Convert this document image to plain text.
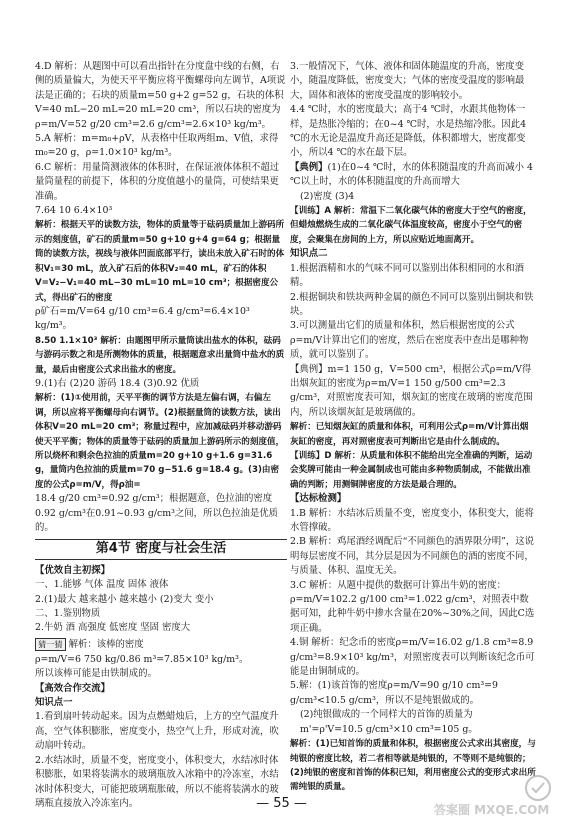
4.D 解析：从题图中可以看出指针在分度盘中线的右侧，右侧的质量偏大，为使天平平衡应将平衡螺母向左调节，A项说法是正确的；石块的质量m=50 g+2 g=52 g，石块的体积V=40 mL−20 mL=20 mL=20 cm³，所以石块的密度为

ρ=m/V=52 g/20 cm³=2.6 g/cm³=2.6×10³ kg/m³。

5.A 解析：m=m₀+ρV，从表格中任取两组m、V值，求得m₀=20 g，ρ=1.0×10³ kg/m³。

6.C 解析：用量筒测液体的体积时，在保证液体体积不超过量筒量程的前提下，体积的分度值越小的量筒，可使结果更准确。

7.64 10 6.4×10³

解析：根据天平的读数方法，物体的质量等于砝码质量加上游码所示的刻度值，矿石的质量m=50 g+10 g+4 g=64 g；根据量筒的读数方法，视线与液体凹面底部平行，读出未放入矿石时的体积V₁=30 mL，放入矿石后的体积V₂=40 mL，矿石的体积V=V₂−V₁=40 mL−30 mL=10 mL=10 cm³；根据密度公式，得出矿石的密度

ρ矿石=m/V=64 g/10 cm³=6.4 g/cm³=6.4×10³ kg/m³。

8.50 1.1×10³ 解析：由题图甲所示量筒读出盐水的体积，砝码与游码示数之和是所测物体的质量，根据题意求出量筒中盐水的质量，最后由密度公式求出盐水的密度。

9.(1)右 (2)20 游码 18.4 (3)0.92 优质

解析：(1)①使用前，天平平衡的调节方法是左偏右调，右偏左调，所以应将平衡螺母向右调节。(2)根据量筒的读数方法，读出体积V=20 mL=20 cm³；称量过程中，应加减砝码并移动游码使天平平衡；物体的质量等于砝码的质量加上游码所示的刻度值，所以烧杯和剩余色拉油的质量m=20 g+10 g+1.6 g=31.6 g，量筒内色拉油的质量m=70 g−51.6 g=18.4 g。(3)由密度的公式ρ=m/V，得ρ油=

18.4 g/20 cm³=0.92 g/cm³；根据题意，色拉油的密度0.92 g/cm³在0.91~0.93 g/cm³之间，所以色拉油是优质的。

第4节 密度与社会生活

【优效自主初探】

一、1.能够 气体 温度 固体 液体

2.(1)最大 越来越小 越来越小 (2)变大 变小

二、1.鉴别物质

2.牛奶 酒 高强度 低密度 坚固 密度大

猜一猜 解析：该棒的密度

ρ=m/V=6 750 kg/0.86 m³=7.85×10³ kg/m³。

所以该棒可能是由铁制成的。

【高效合作交流】

知识点一

1.看到扇叶转动起来。因为点燃蜡烛后，上方的空气温度升高，空气体积膨胀，密度变小，热空气上升，形成对流，吹动扇叶转动。

2.水结冰时，质量不变，密度变小，体积变大，水结冰时体积膨胀，如果将装满水的玻璃瓶放入冰箱中的冷冻室，水结冰时体积变大，可能把玻璃瓶胀破，所以不能将装满水的玻璃瓶直接放入冷冻室内。

3.一般情况下，气体、液体和固体随温度的升高，密度变小，随温度降低，密度变大；气体的密度受温度的影响最大，固体和液体的密度受温度的影响较小。

4.4 ℃时，水的密度最大；高于4 ℃时，水跟其他物体一样，是热胀冷缩的；在0~4 ℃时，水是热缩冷胀。因此4 ℃的水无论是温度升高还是降低，体积都增大，密度都变小，所以4 ℃的水在最下层。

【典例】(1)在0~4 ℃时，水的体积随温度的升高而减小 4 ℃以上时，水的体积随温度的升高而增大

(2)密度 (3)4

【训练】A 解析：常温下二氧化碳气体的密度大于空气的密度，但蜡烛燃烧生成的二氧化碳气体温度较高，密度小于空气的密度，会聚集在房间的上方，所以应贴近地面离开。

知识点二

1.根据酒精和水的气味不同可以鉴别出体积相同的水和酒精。

2.根据铜块和铁块两种金属的颜色不同可以鉴别出铜块和铁块。

3.可以测量出它们的质量和体积，然后根据密度的公式ρ=m/V计算出它们的密度，然后在密度表中查出是哪种物质，就可以鉴别了。

【典例】m=1 150 g，V=500 cm³，根据公式ρ=m/V得出烟灰缸的密度为ρ=m/V=1 150 g/500 cm³=2.3 g/cm³，对照密度表可知，烟灰缸的密度在玻璃的密度范围内，所以该烟灰缸是玻璃做的。

解析：已知烟灰缸的质量和体积，可利用公式ρ=m/V计算出烟灰缸的密度，再对照密度表可判断出它是由什么制成的。

【训练】D 解析：从质量和体积不能给出完全准确的判断，运动会奖牌可能由一种金属制成也可能由多种物质制成，不能做出准确的判断；用测铜牌密度的方法是最合理的。

【达标检测】

1.B 解析：水结冰后质量不变，密度变小，体积变大，能将水管撑破。

2.B 解析：鸡尾酒经调配后“不同颜色的酒界限分明”，这说明每层密度不同，其分层是因为不同颜色的酒的密度不同，与质量、体积、温度无关。

3.C 解析：从题中提供的数据可计算出牛奶的密度：ρ=m/V=102.2 g/100 cm³=1.022 g/cm³，对照表中数据可知，此种牛奶中掺水含量在20%~30%之间，因此C选项正确。

4.铜 解析：纪念币的密度ρ=m/V=16.02 g/1.8 cm³=8.9 g/cm³=8.9×10³ kg/m³，对照密度表可以判断该纪念币可能是由铜制成的。

5.解：(1)该首饰的密度ρ=m/V=90 g/10 cm³=9 g/cm³<10.5 g/cm³，所以不是纯银做成的。

(2)纯银做成的一个同样大的首饰的质量为 m'=ρ'V=10.5 g/cm³×10 cm³=105 g。

解析：(1)已知首饰的质量和体积，根据密度公式求出其密度，与纯银的密度比较，若二者相等就是纯银的，不等则不是纯银的；(2)纯银的密度和首饰的体积已知，利用密度公式的变形式求出所需纯银的质量。

答案圈 MXQE.COM
— 55 —
